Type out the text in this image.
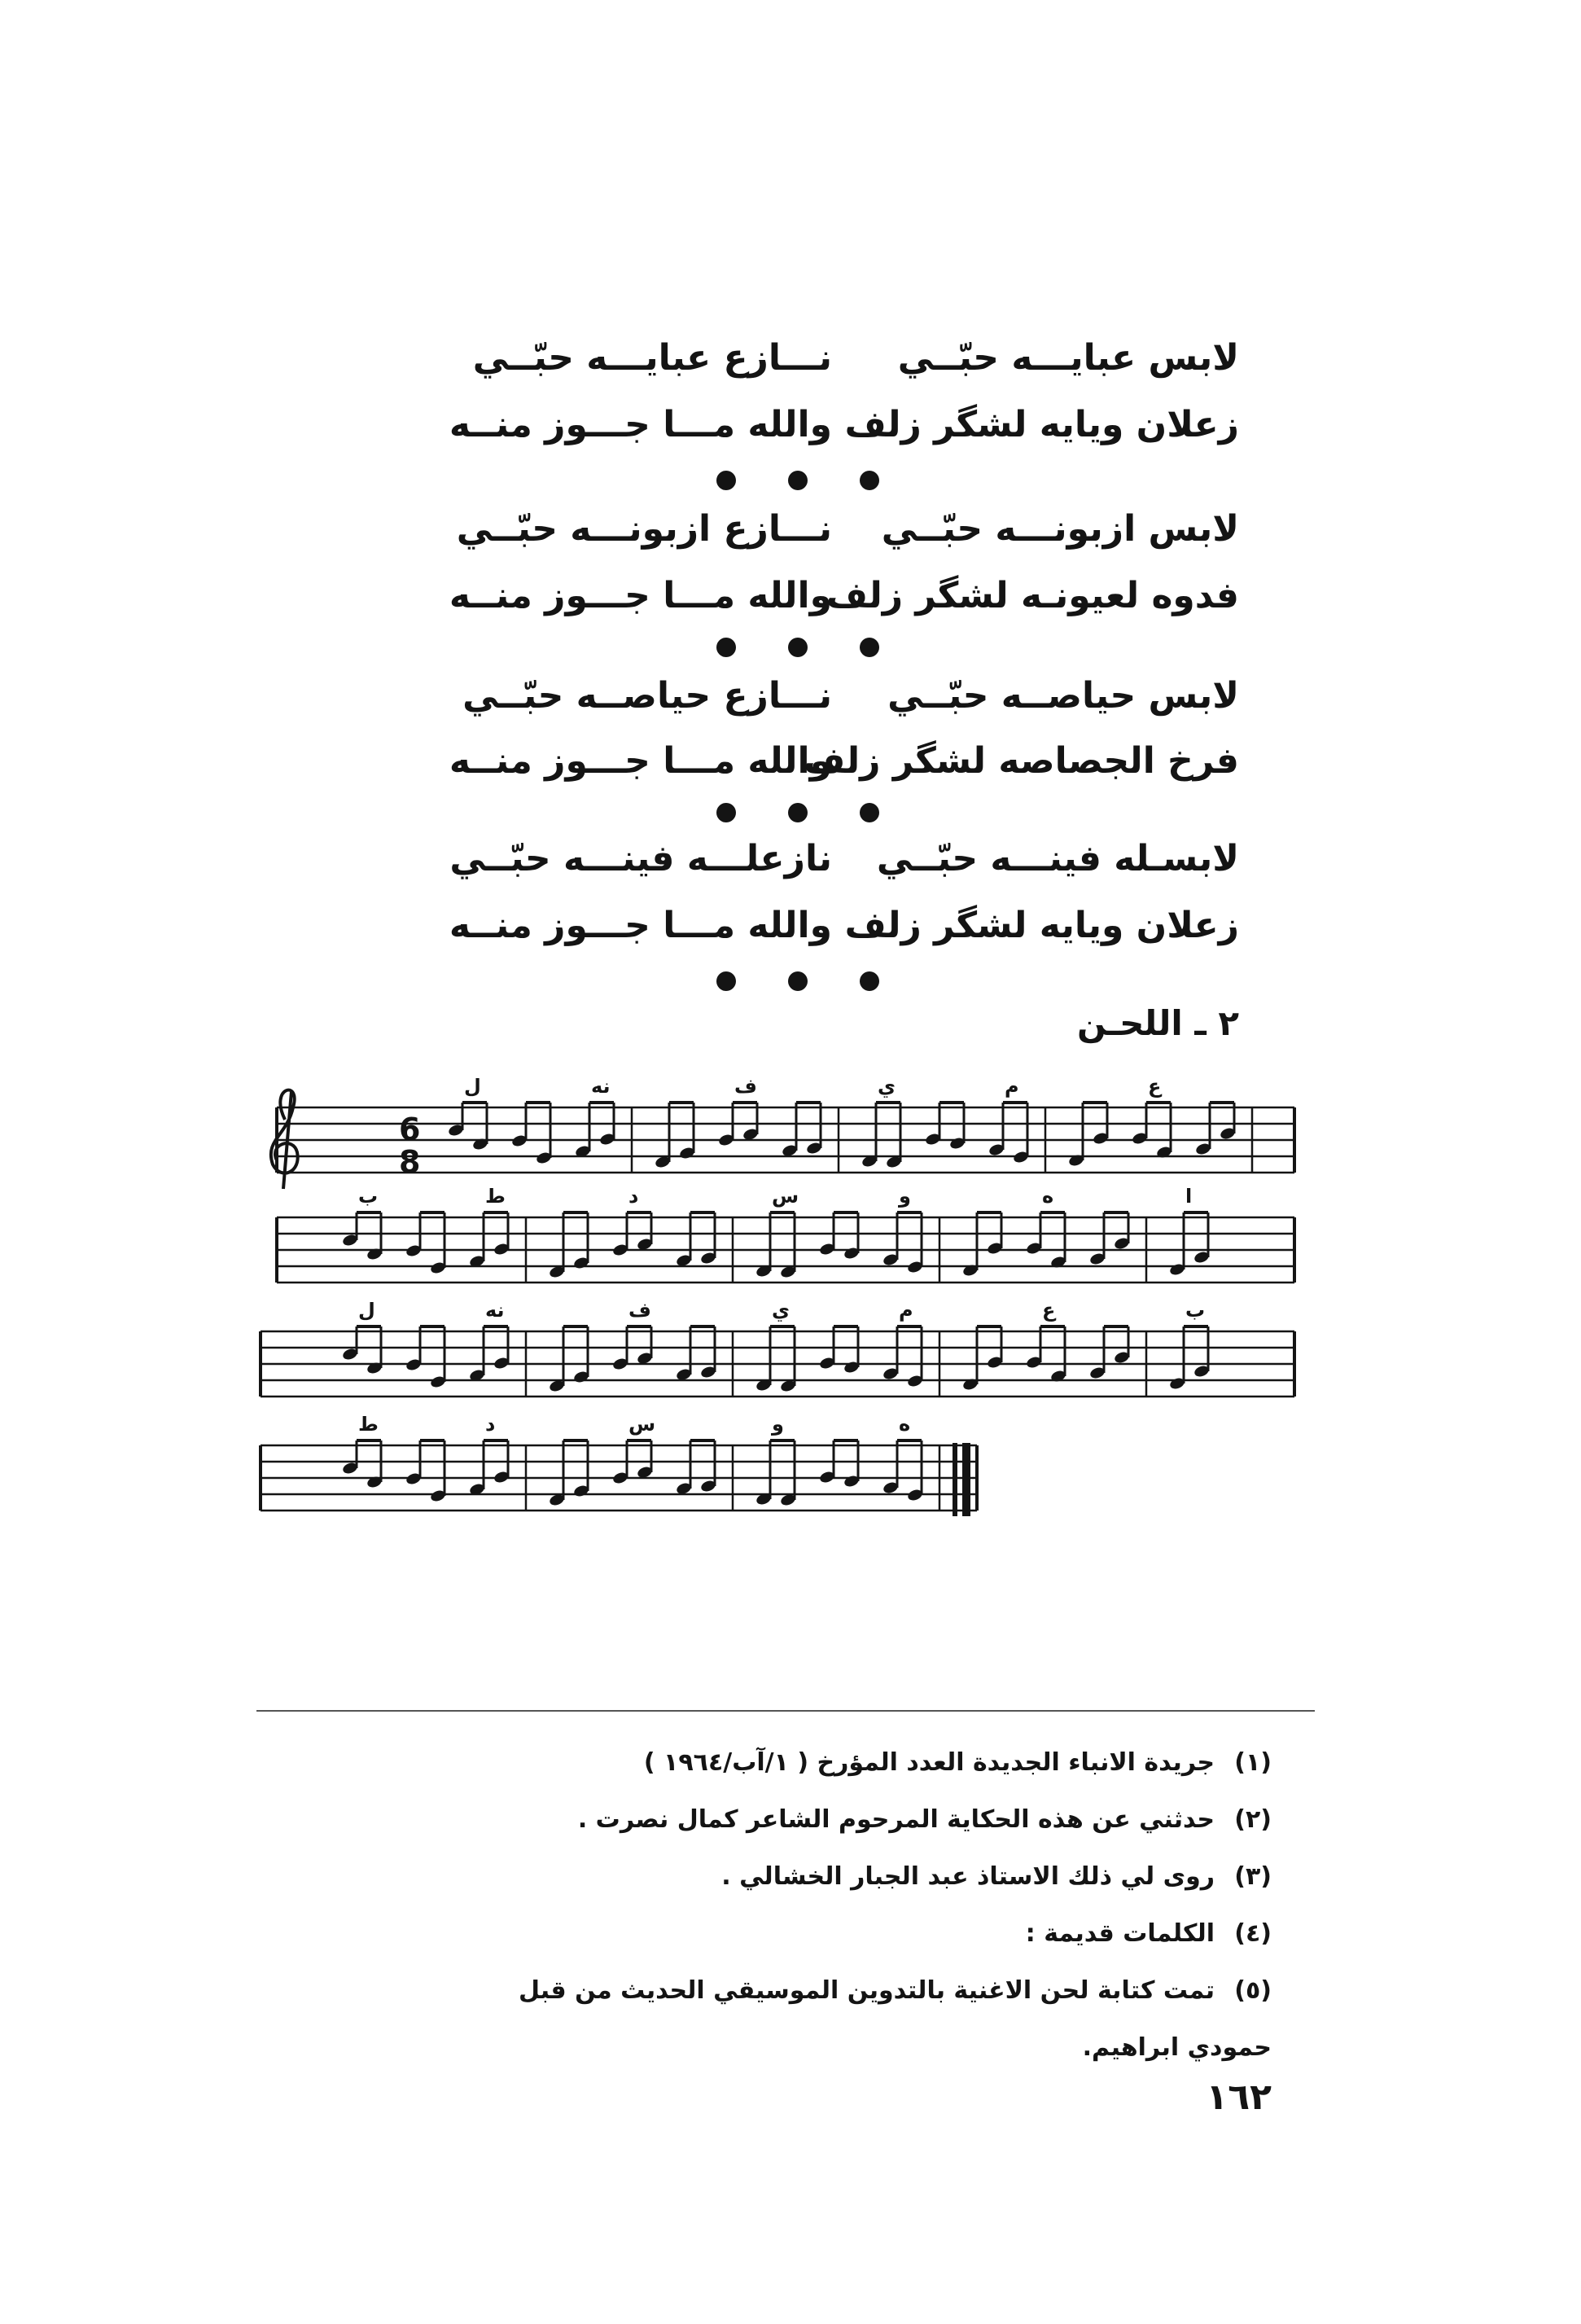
لابس عبايـــه حبّــي
نـــازع عبايـــه حبّــي
زعلان ويايه لشگر زلف
والله مـــا جـــوز منــه
لابس ازبونـــه حبّــي
نـــازع ازبونـــه حبّــي
فدوه لعيونـه لشگر زلف
والله مـــا جـــوز منــه
لابس حياصــه حبّــي
نـــازع حياصــه حبّــي
فرخ الجصاصه لشگر زلف
والله مـــا جـــوز منــه
لابسـله فينـــه حبّــي
نازعلـــه فينـــه حبّــي
زعلان ويايه لشگر زلف
والله مـــا جـــوز منــه
٢ ـ اللحـن
ل	نه	ف	ي	م	ع
ب	ط	د	س	و	ه	ا
ل	نه	ف	ي	م	ع	ب
ط	د	س	و	ه
6
8
(١)جريدة الانباء الجديدة العدد المؤرخ ( ١/آب/١٩٦٤ )
(٢)حدثني عن هذه الحكاية المرحوم الشاعر كمال نصرت .
(٣)روى لي ذلك الاستاذ عبد الجبار الخشالي .
(٤)الكلمات قديمة :
(٥)تمت كتابة لحن الاغنية بالتدوين الموسيقي الحديث من قبل
حمودي ابراهيم.
١٦٢
